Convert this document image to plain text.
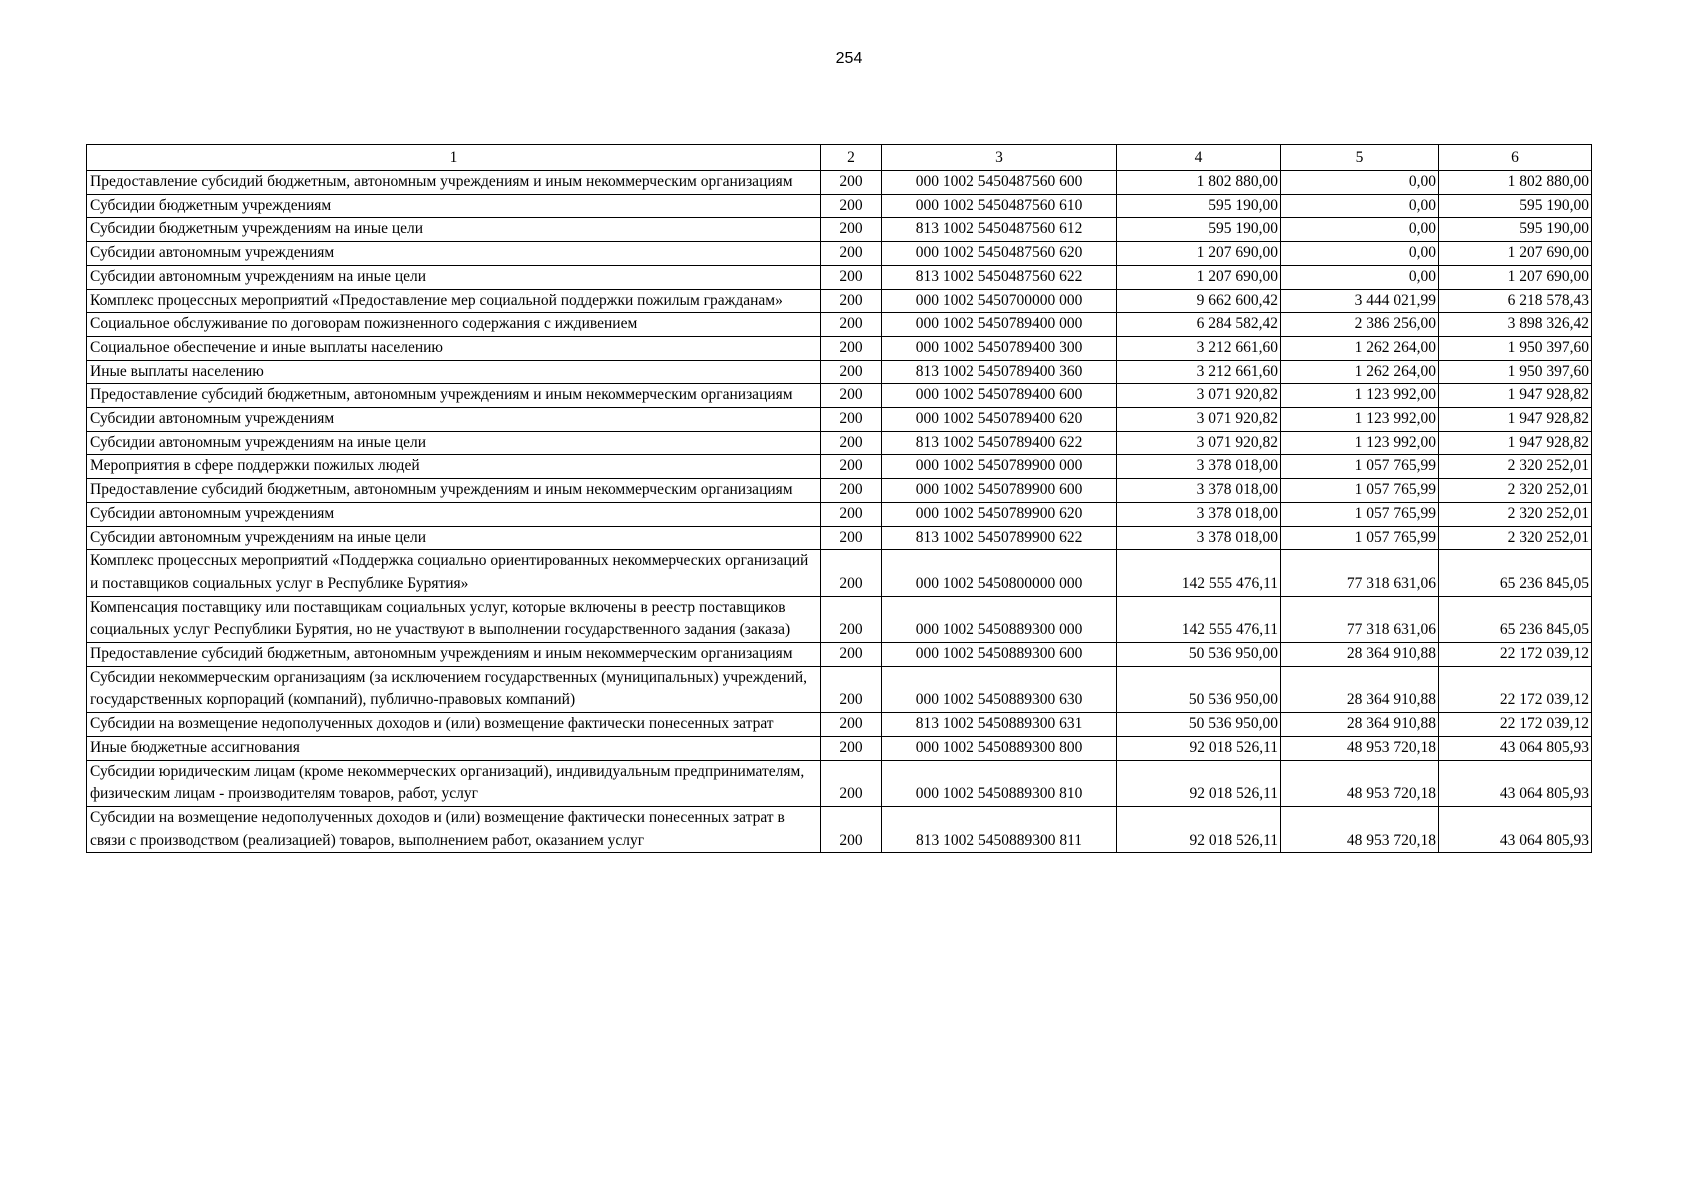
254
1	2	3	4	5	6
Предоставление субсидий бюджетным, автономным учреждениям и иным некоммерческим организациям	200	000 1002 5450487560 600	1 802 880,00	0,00	1 802 880,00
Субсидии бюджетным учреждениям	200	000 1002 5450487560 610	595 190,00	0,00	595 190,00
Субсидии бюджетным учреждениям на иные цели	200	813 1002 5450487560 612	595 190,00	0,00	595 190,00
Субсидии автономным учреждениям	200	000 1002 5450487560 620	1 207 690,00	0,00	1 207 690,00
Субсидии автономным учреждениям на иные цели	200	813 1002 5450487560 622	1 207 690,00	0,00	1 207 690,00
Комплекс процессных мероприятий «Предоставление мер социальной поддержки пожилым гражданам»	200	000 1002 5450700000 000	9 662 600,42	3 444 021,99	6 218 578,43
Социальное обслуживание по договорам пожизненного содержания с иждивением	200	000 1002 5450789400 000	6 284 582,42	2 386 256,00	3 898 326,42
Социальное обеспечение и иные выплаты населению	200	000 1002 5450789400 300	3 212 661,60	1 262 264,00	1 950 397,60
Иные выплаты населению	200	813 1002 5450789400 360	3 212 661,60	1 262 264,00	1 950 397,60
Предоставление субсидий бюджетным, автономным учреждениям и иным некоммерческим организациям	200	000 1002 5450789400 600	3 071 920,82	1 123 992,00	1 947 928,82
Субсидии автономным учреждениям	200	000 1002 5450789400 620	3 071 920,82	1 123 992,00	1 947 928,82
Субсидии автономным учреждениям на иные цели	200	813 1002 5450789400 622	3 071 920,82	1 123 992,00	1 947 928,82
Мероприятия в сфере поддержки пожилых людей	200	000 1002 5450789900 000	3 378 018,00	1 057 765,99	2 320 252,01
Предоставление субсидий бюджетным, автономным учреждениям и иным некоммерческим организациям	200	000 1002 5450789900 600	3 378 018,00	1 057 765,99	2 320 252,01
Субсидии автономным учреждениям	200	000 1002 5450789900 620	3 378 018,00	1 057 765,99	2 320 252,01
Субсидии автономным учреждениям на иные цели	200	813 1002 5450789900 622	3 378 018,00	1 057 765,99	2 320 252,01
Комплекс процессных мероприятий «Поддержка социально ориентированных некоммерческих организаций и поставщиков социальных услуг в Республике Бурятия»	200	000 1002 5450800000 000	142 555 476,11	77 318 631,06	65 236 845,05
Компенсация поставщику или поставщикам социальных услуг, которые включены в реестр поставщиков социальных услуг Республики Бурятия, но не участвуют в выполнении государственного задания (заказа)	200	000 1002 5450889300 000	142 555 476,11	77 318 631,06	65 236 845,05
Предоставление субсидий бюджетным, автономным учреждениям и иным некоммерческим организациям	200	000 1002 5450889300 600	50 536 950,00	28 364 910,88	22 172 039,12
Субсидии некоммерческим организациям (за исключением государственных (муниципальных) учреждений, государственных корпораций (компаний), публично-правовых компаний)	200	000 1002 5450889300 630	50 536 950,00	28 364 910,88	22 172 039,12
Субсидии на возмещение недополученных доходов и (или) возмещение фактически понесенных затрат	200	813 1002 5450889300 631	50 536 950,00	28 364 910,88	22 172 039,12
Иные бюджетные ассигнования	200	000 1002 5450889300 800	92 018 526,11	48 953 720,18	43 064 805,93
Субсидии юридическим лицам (кроме некоммерческих организаций), индивидуальным предпринимателям, физическим лицам - производителям товаров, работ, услуг	200	000 1002 5450889300 810	92 018 526,11	48 953 720,18	43 064 805,93
Субсидии на возмещение недополученных доходов и (или) возмещение фактически понесенных затрат в связи с производством (реализацией) товаров, выполнением работ, оказанием услуг	200	813 1002 5450889300 811	92 018 526,11	48 953 720,18	43 064 805,93
